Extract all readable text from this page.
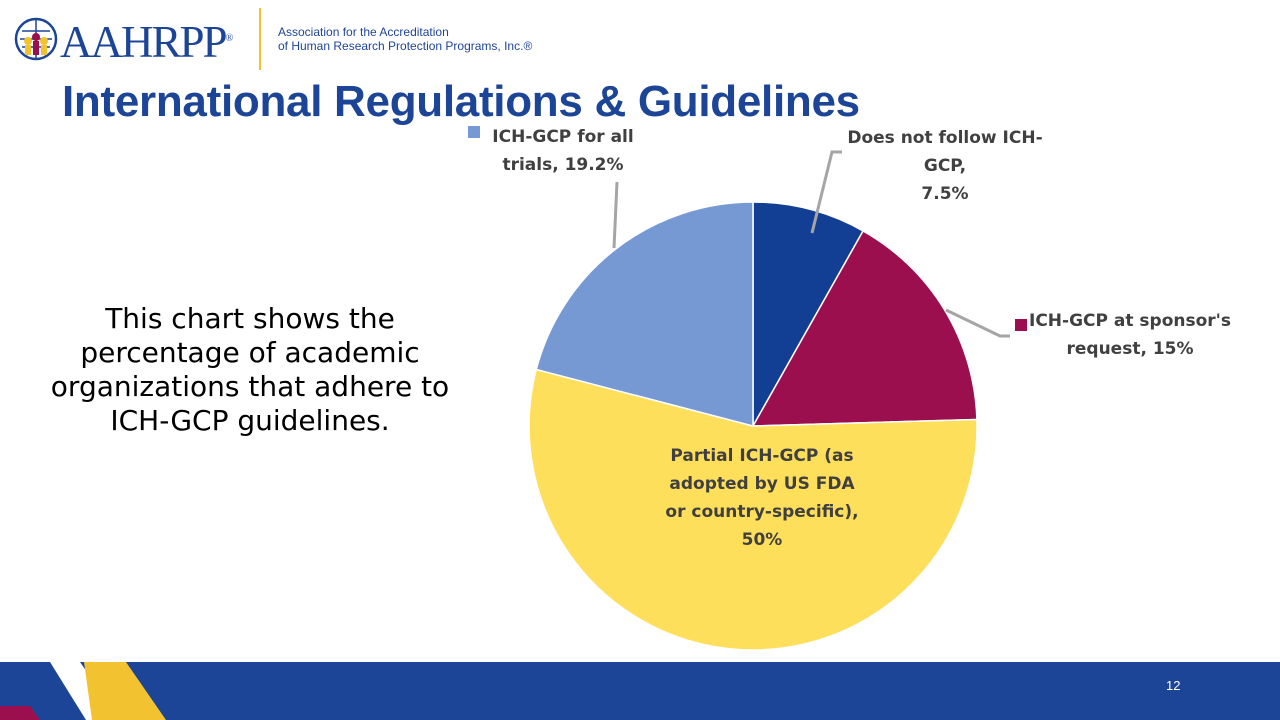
AAHRPP®	Association for the Accreditation
of Human Research Protection Programs, Inc.®
International Regulations & Guidelines
This chart shows the percentage of academic organizations that adhere to ICH-GCP guidelines.
Does not follow ICH-GCP, 7.5%
ICH-GCP at sponsor's request, 15%
Partial ICH-GCP (as adopted by US FDA or country-specific), 50%
ICH-GCP for all trials, 19.2%
12
